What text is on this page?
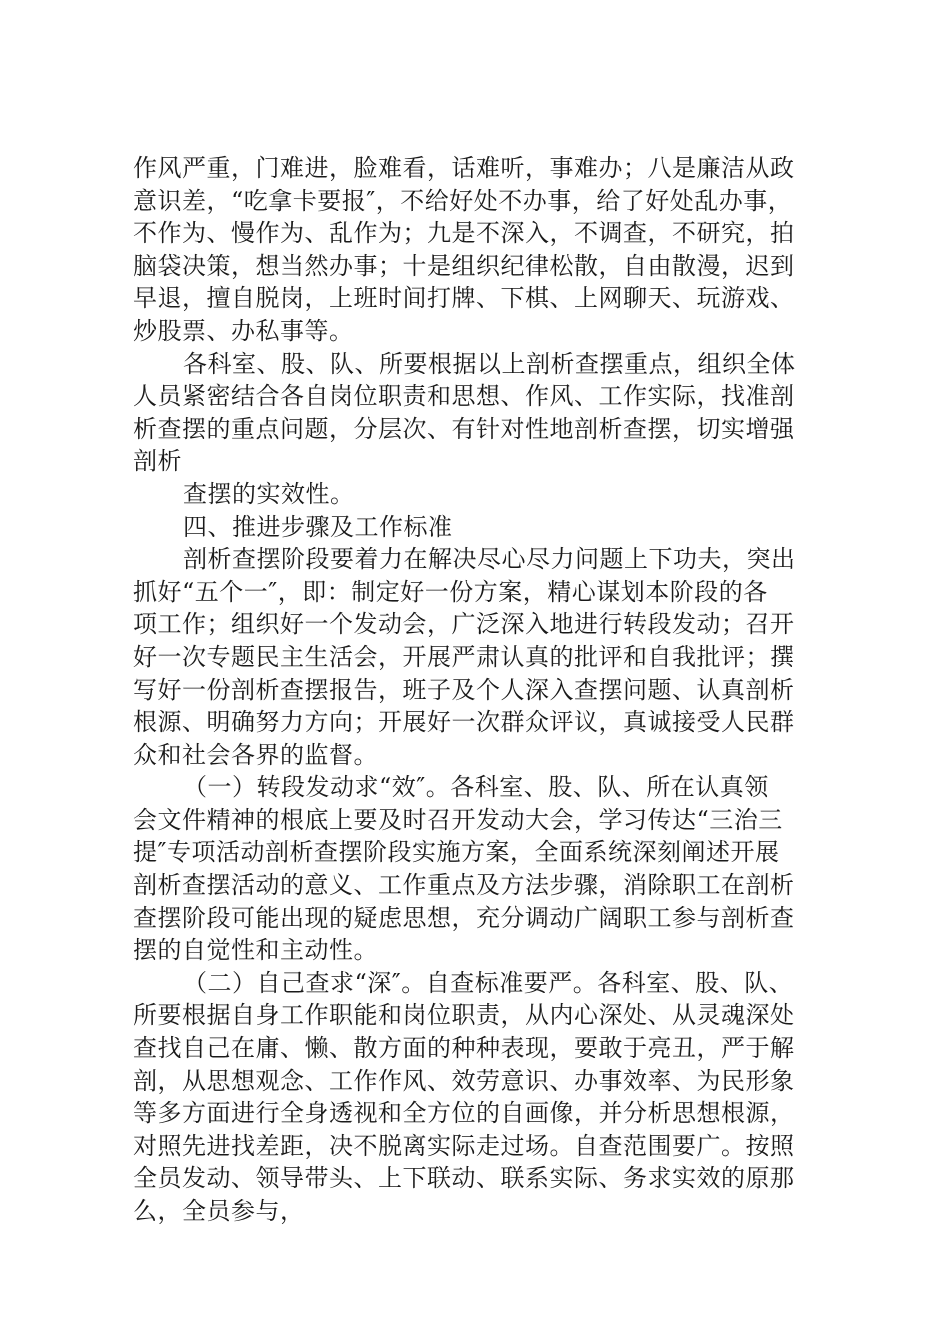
作风严重，门难进，脸难看，话难听，事难办；八是廉洁从政
意识差，“吃拿卡要报″，不给好处不办事，给了好处乱办事，
不作为、慢作为、乱作为；九是不深入，不调查，不研究，拍
脑袋决策，想当然办事；十是组织纪律松散，自由散漫，迟到
早退，擅自脱岗，上班时间打牌、下棋、上网聊天、玩游戏、
炒股票、办私事等。
各科室、股、队、所要根据以上剖析查摆重点，组织全体
人员紧密结合各自岗位职责和思想、作风、工作实际，找准剖
析查摆的重点问题，分层次、有针对性地剖析查摆，切实增强
剖析
查摆的实效性。
四、推进步骤及工作标准
剖析查摆阶段要着力在解决尽心尽力问题上下功夫，突出
抓好“五个一″，即：制定好一份方案，精心谋划本阶段的各
项工作；组织好一个发动会，广泛深入地进行转段发动；召开
好一次专题民主生活会，开展严肃认真的批评和自我批评；撰
写好一份剖析查摆报告，班子及个人深入查摆问题、认真剖析
根源、明确努力方向；开展好一次群众评议，真诚接受人民群
众和社会各界的监督。
（一）转段发动求“效″。各科室、股、队、所在认真领
会文件精神的根底上要及时召开发动大会，学习传达“三治三
提″专项活动剖析查摆阶段实施方案，全面系统深刻阐述开展
剖析查摆活动的意义、工作重点及方法步骤，消除职工在剖析
查摆阶段可能出现的疑虑思想，充分调动广阔职工参与剖析查
摆的自觉性和主动性。
（二）自己查求“深″。自查标准要严。各科室、股、队、
所要根据自身工作职能和岗位职责，从内心深处、从灵魂深处
查找自己在庸、懒、散方面的种种表现，要敢于亮丑，严于解
剖，从思想观念、工作作风、效劳意识、办事效率、为民形象
等多方面进行全身透视和全方位的自画像，并分析思想根源，
对照先进找差距，决不脱离实际走过场。自查范围要广。按照
全员发动、领导带头、上下联动、联系实际、务求实效的原那
么，全员参与，
